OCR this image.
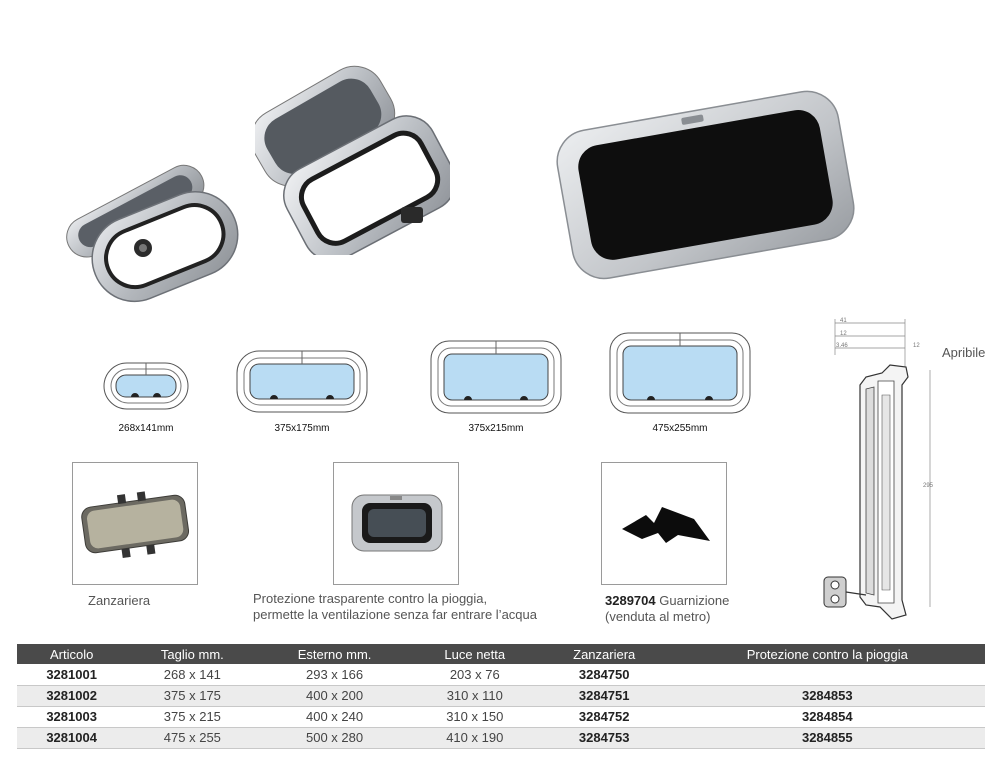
268x141mm	375x175mm	375x215mm	475x255mm
Zanzariera	Protezione trasparente contro la pioggia,
permette la ventilazione senza far entrare l’acqua
3289704 Guarnizione
(venduta al metro)
41
12
3.46	12
295
Apribile
Articolo	Taglio mm.	Esterno mm.	Luce netta	Zanzariera	Protezione contro la pioggia
3281001	268 x 141	293 x 166	203 x 76	3284750	
3281002	375 x 175	400 x 200	310 x 110	3284751	3284853
3281003	375 x 215	400 x 240	310 x 150	3284752	3284854
3281004	475 x 255	500 x 280	410 x 190	3284753	3284855
